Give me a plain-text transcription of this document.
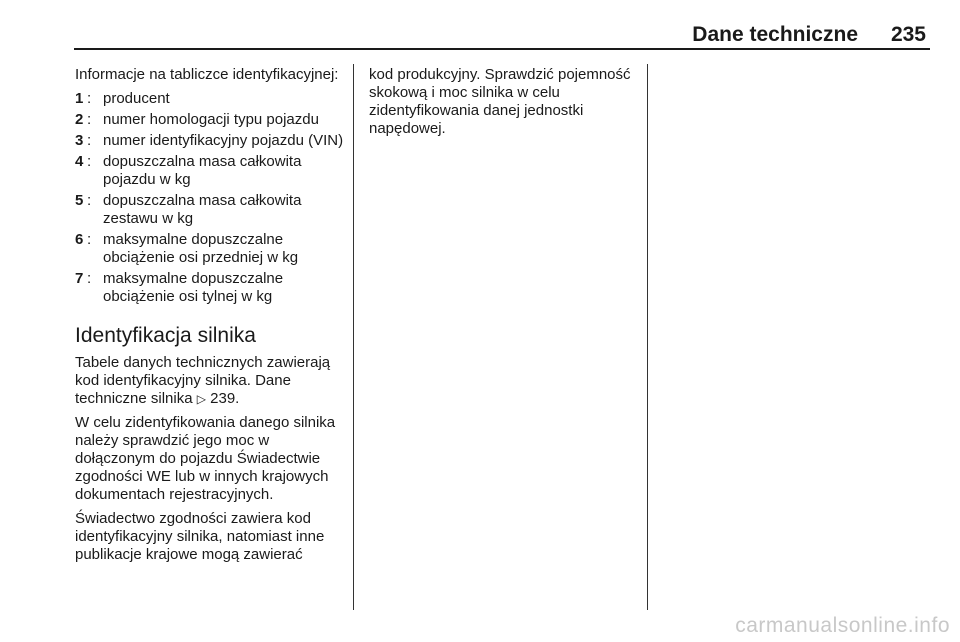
Dane techniczne 235

Informacje na tabliczce identyfikacyjnej:

1 : producent
2 : numer homologacji typu pojazdu
3 : numer identyfikacyjny pojazdu (VIN)
4 : dopuszczalna masa całkowita pojazdu w kg
5 : dopuszczalna masa całkowita zestawu w kg
6 : maksymalne dopuszczalne obciążenie osi przedniej w kg
7 : maksymalne dopuszczalne obciążenie osi tylnej w kg
Identyfikacja silnika

Tabele danych technicznych zawierają kod identyfikacyjny silnika. Dane techniczne silnika ▷ 239.

W celu zidentyfikowania danego silnika należy sprawdzić jego moc w dołączonym do pojazdu Świadectwie zgodności WE lub w innych krajowych dokumentach rejestracyjnych.

Świadectwo zgodności zawiera kod identyfikacyjny silnika, natomiast inne publikacje krajowe mogą zawierać

kod produkcyjny. Sprawdzić pojemność skokową i moc silnika w celu zidentyfikowania danej jednostki napędowej.

carmanualsonline.info
